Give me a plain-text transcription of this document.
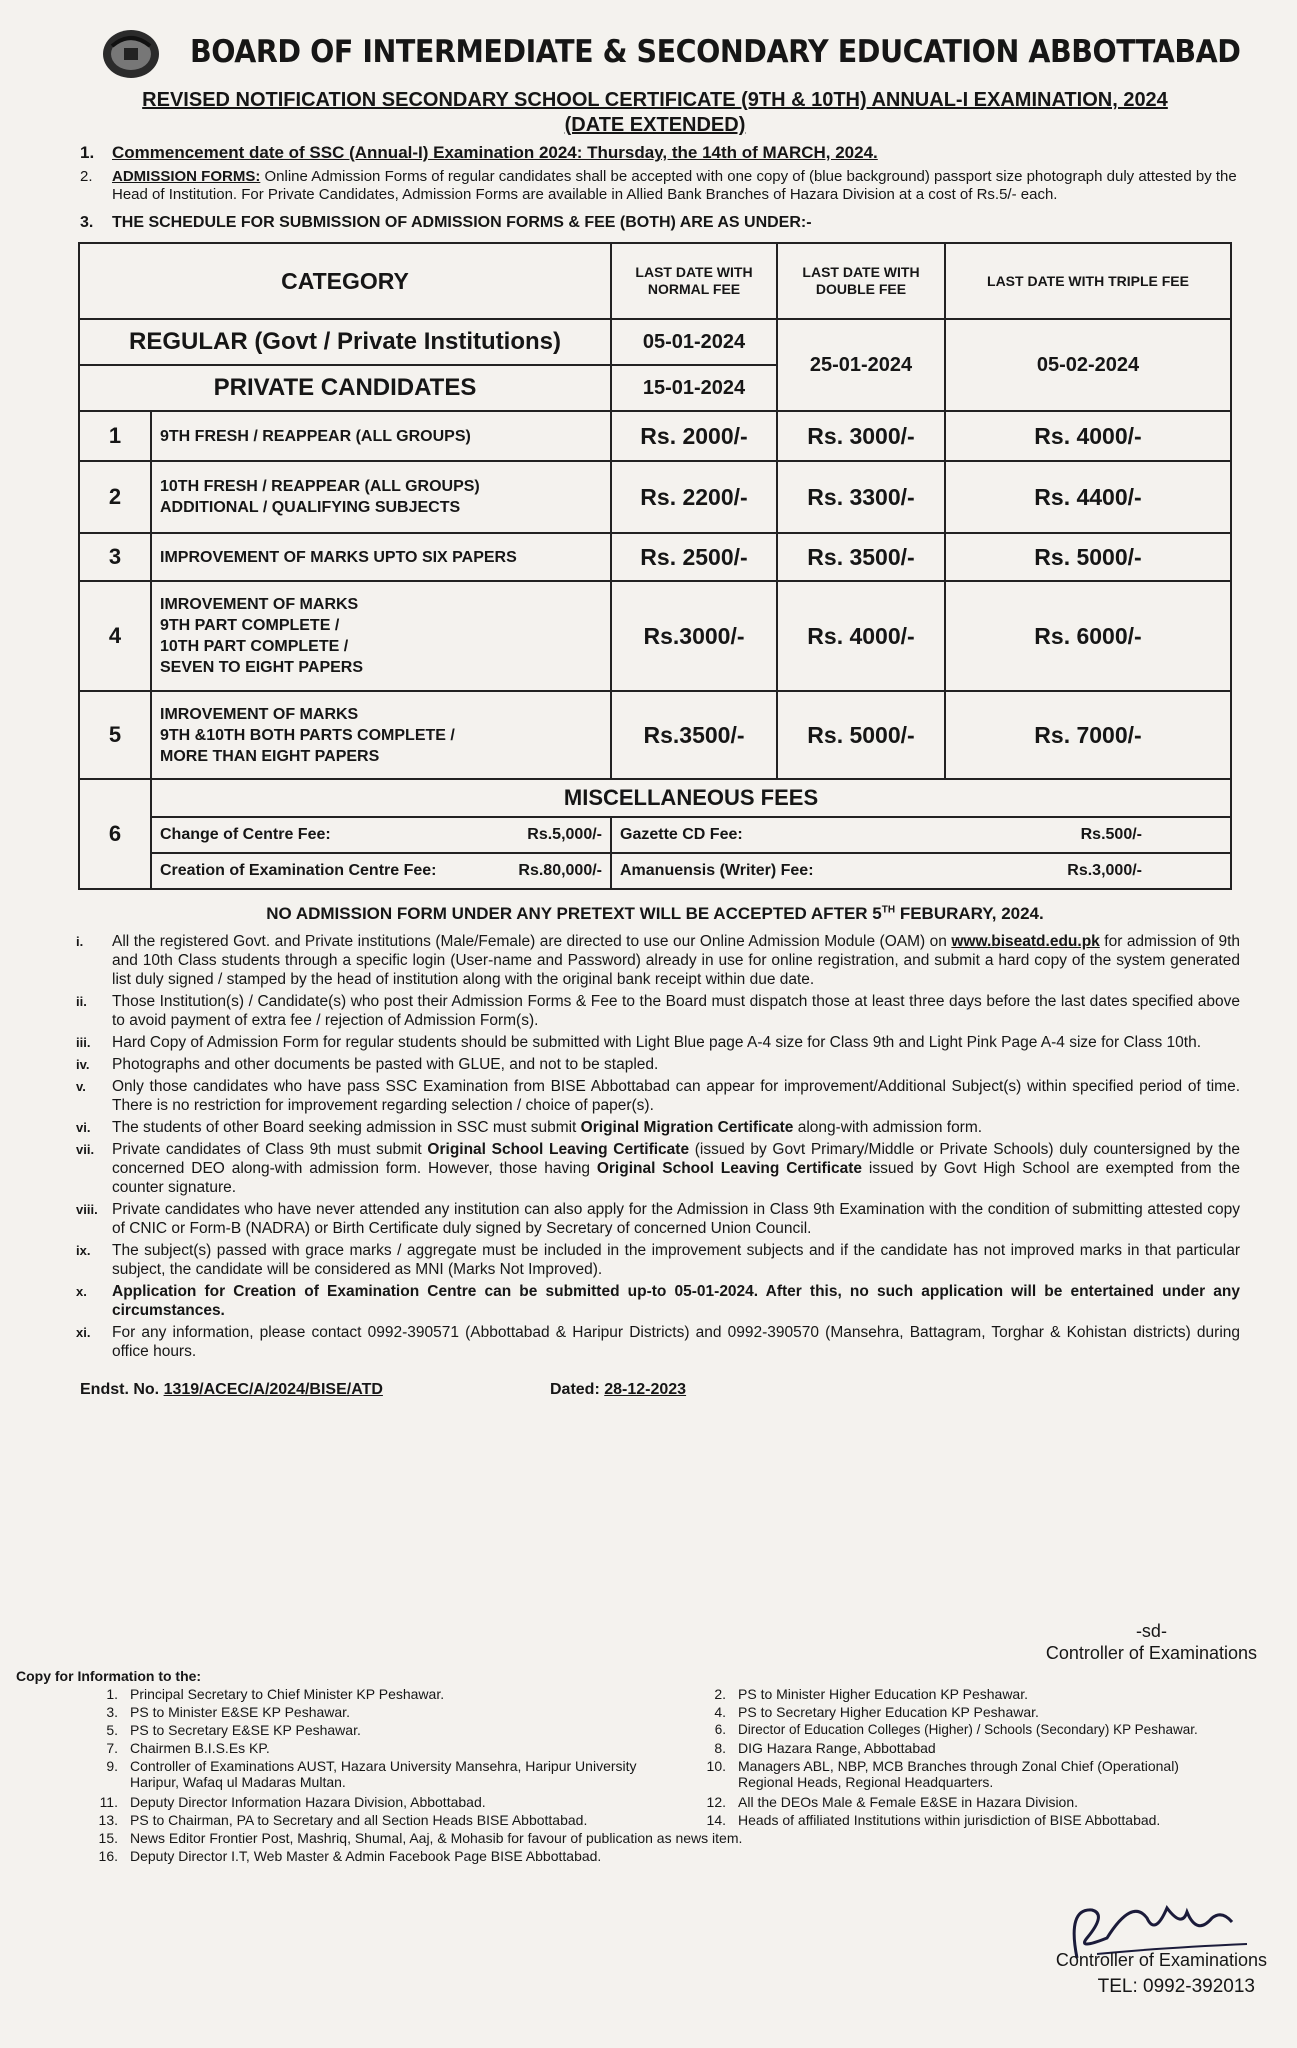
BOARD OF INTERMEDIATE & SECONDARY EDUCATION ABBOTTABAD
REVISED NOTIFICATION SECONDARY SCHOOL CERTIFICATE (9TH & 10TH) ANNUAL-I EXAMINATION, 2024 (DATE EXTENDED)
1. Commencement date of SSC (Annual-I) Examination 2024: Thursday, the 14th of MARCH, 2024.
2. ADMISSION FORMS: Online Admission Forms of regular candidates shall be accepted with one copy of (blue background) passport size photograph duly attested by the Head of Institution. For Private Candidates, Admission Forms are available in Allied Bank Branches of Hazara Division at a cost of Rs.5/- each.
3. THE SCHEDULE FOR SUBMISSION OF ADMISSION FORMS & FEE (BOTH) ARE AS UNDER:-
CATEGORY		LAST DATE WITH NORMAL FEE	LAST DATE WITH DOUBLE FEE	LAST DATE WITH TRIPLE FEE
REGULAR (Govt / Private Institutions)		05-01-2024	25-01-2024	05-02-2024
PRIVATE CANDIDATES		15-01-2024		
1	9TH FRESH / REAPPEAR (ALL GROUPS)	Rs. 2000/-	Rs. 3000/-	Rs. 4000/-
2	10TH FRESH / REAPPEAR (ALL GROUPS)
ADDITIONAL / QUALIFYING SUBJECTS	Rs. 2200/-	Rs. 3300/-	Rs. 4400/-
3	IMPROVEMENT OF MARKS UPTO SIX PAPERS	Rs. 2500/-	Rs. 3500/-	Rs. 5000/-
4	IMROVEMENT OF MARKS
9TH PART COMPLETE /
10TH PART COMPLETE /
SEVEN TO EIGHT PAPERS	Rs.3000/-	Rs. 4000/-	Rs. 6000/-
5	IMROVEMENT OF MARKS
9TH &10TH BOTH PARTS COMPLETE /
MORE THAN EIGHT PAPERS	Rs.3500/-	Rs. 5000/-	Rs. 7000/-
6	MISCELLANEOUS FEES			
	Change of Centre Fee: Rs.5,000/-	Gazette CD Fee: Rs.500/-		

	Creation of Examination Centre Fee: Rs.80,000/-	Amanuensis (Writer) Fee: Rs.3,000/-		
NO ADMISSION FORM UNDER ANY PRETEXT WILL BE ACCEPTED AFTER 5TH FEBURARY, 2024.
i. All the registered Govt. and Private institutions (Male/Female) are directed to use our Online Admission Module (OAM) on www.biseatd.edu.pk for admission of 9th and 10th Class students through a specific login (User-name and Password) already in use for online registration, and submit a hard copy of the system generated list duly signed / stamped by the head of institution along with the original bank receipt within due date.
ii. Those Institution(s) / Candidate(s) who post their Admission Forms & Fee to the Board must dispatch those at least three days before the last dates specified above to avoid payment of extra fee / rejection of Admission Form(s).
iii. Hard Copy of Admission Form for regular students should be submitted with Light Blue page A-4 size for Class 9th and Light Pink Page A-4 size for Class 10th.
iv. Photographs and other documents be pasted with GLUE, and not to be stapled.
v. Only those candidates who have pass SSC Examination from BISE Abbottabad can appear for improvement/Additional Subject(s) within specified period of time. There is no restriction for improvement regarding selection / choice of paper(s).
vi. The students of other Board seeking admission in SSC must submit Original Migration Certificate along-with admission form.
vii. Private candidates of Class 9th must submit Original School Leaving Certificate (issued by Govt Primary/Middle or Private Schools) duly countersigned by the concerned DEO along-with admission form. However, those having Original School Leaving Certificate issued by Govt High School are exempted from the counter signature.
viii. Private candidates who have never attended any institution can also apply for the Admission in Class 9th Examination with the condition of submitting attested copy of CNIC or Form-B (NADRA) or Birth Certificate duly signed by Secretary of concerned Union Council.
ix. The subject(s) passed with grace marks / aggregate must be included in the improvement subjects and if the candidate has not improved marks in that particular subject, the candidate will be considered as MNI (Marks Not Improved).
x. Application for Creation of Examination Centre can be submitted up-to 05-01-2024. After this, no such application will be entertained under any circumstances.
xi. For any information, please contact 0992-390571 (Abbottabad & Haripur Districts) and 0992-390570 (Mansehra, Battagram, Torghar & Kohistan districts) during office hours.
Endst. No. 1319/ACEC/A/2024/BISE/ATD	Dated: 28-12-2023
-sd-
Controller of Examinations
Copy for Information to the:
1. Principal Secretary to Chief Minister KP Peshawar.
3. PS to Minister E&SE KP Peshawar.
5. PS to Secretary E&SE KP Peshawar.
7. Chairmen B.I.S.Es KP.
9. Controller of Examinations AUST, Hazara University Mansehra, Haripur University Haripur, Wafaq ul Madaras Multan.
11. Deputy Director Information Hazara Division, Abbottabad.
13. PS to Chairman, PA to Secretary and all Section Heads BISE Abbottabad.
2. PS to Minister Higher Education KP Peshawar.
4. PS to Secretary Higher Education KP Peshawar.
6. Director of Education Colleges (Higher) / Schools (Secondary) KP Peshawar.
8. DIG Hazara Range, Abbottabad
10. Managers ABL, NBP, MCB Branches through Zonal Chief (Operational) Regional Heads, Regional Headquarters.
12. All the DEOs Male & Female E&SE in Hazara Division.
14. Heads of affiliated Institutions within jurisdiction of BISE Abbottabad.
15. News Editor Frontier Post, Mashriq, Shumal, Aaj, & Mohasib for favour of publication as news item.
16. Deputy Director I.T, Web Master & Admin Facebook Page BISE Abbottabad.
Controller of Examinations
TEL: 0992-392013
